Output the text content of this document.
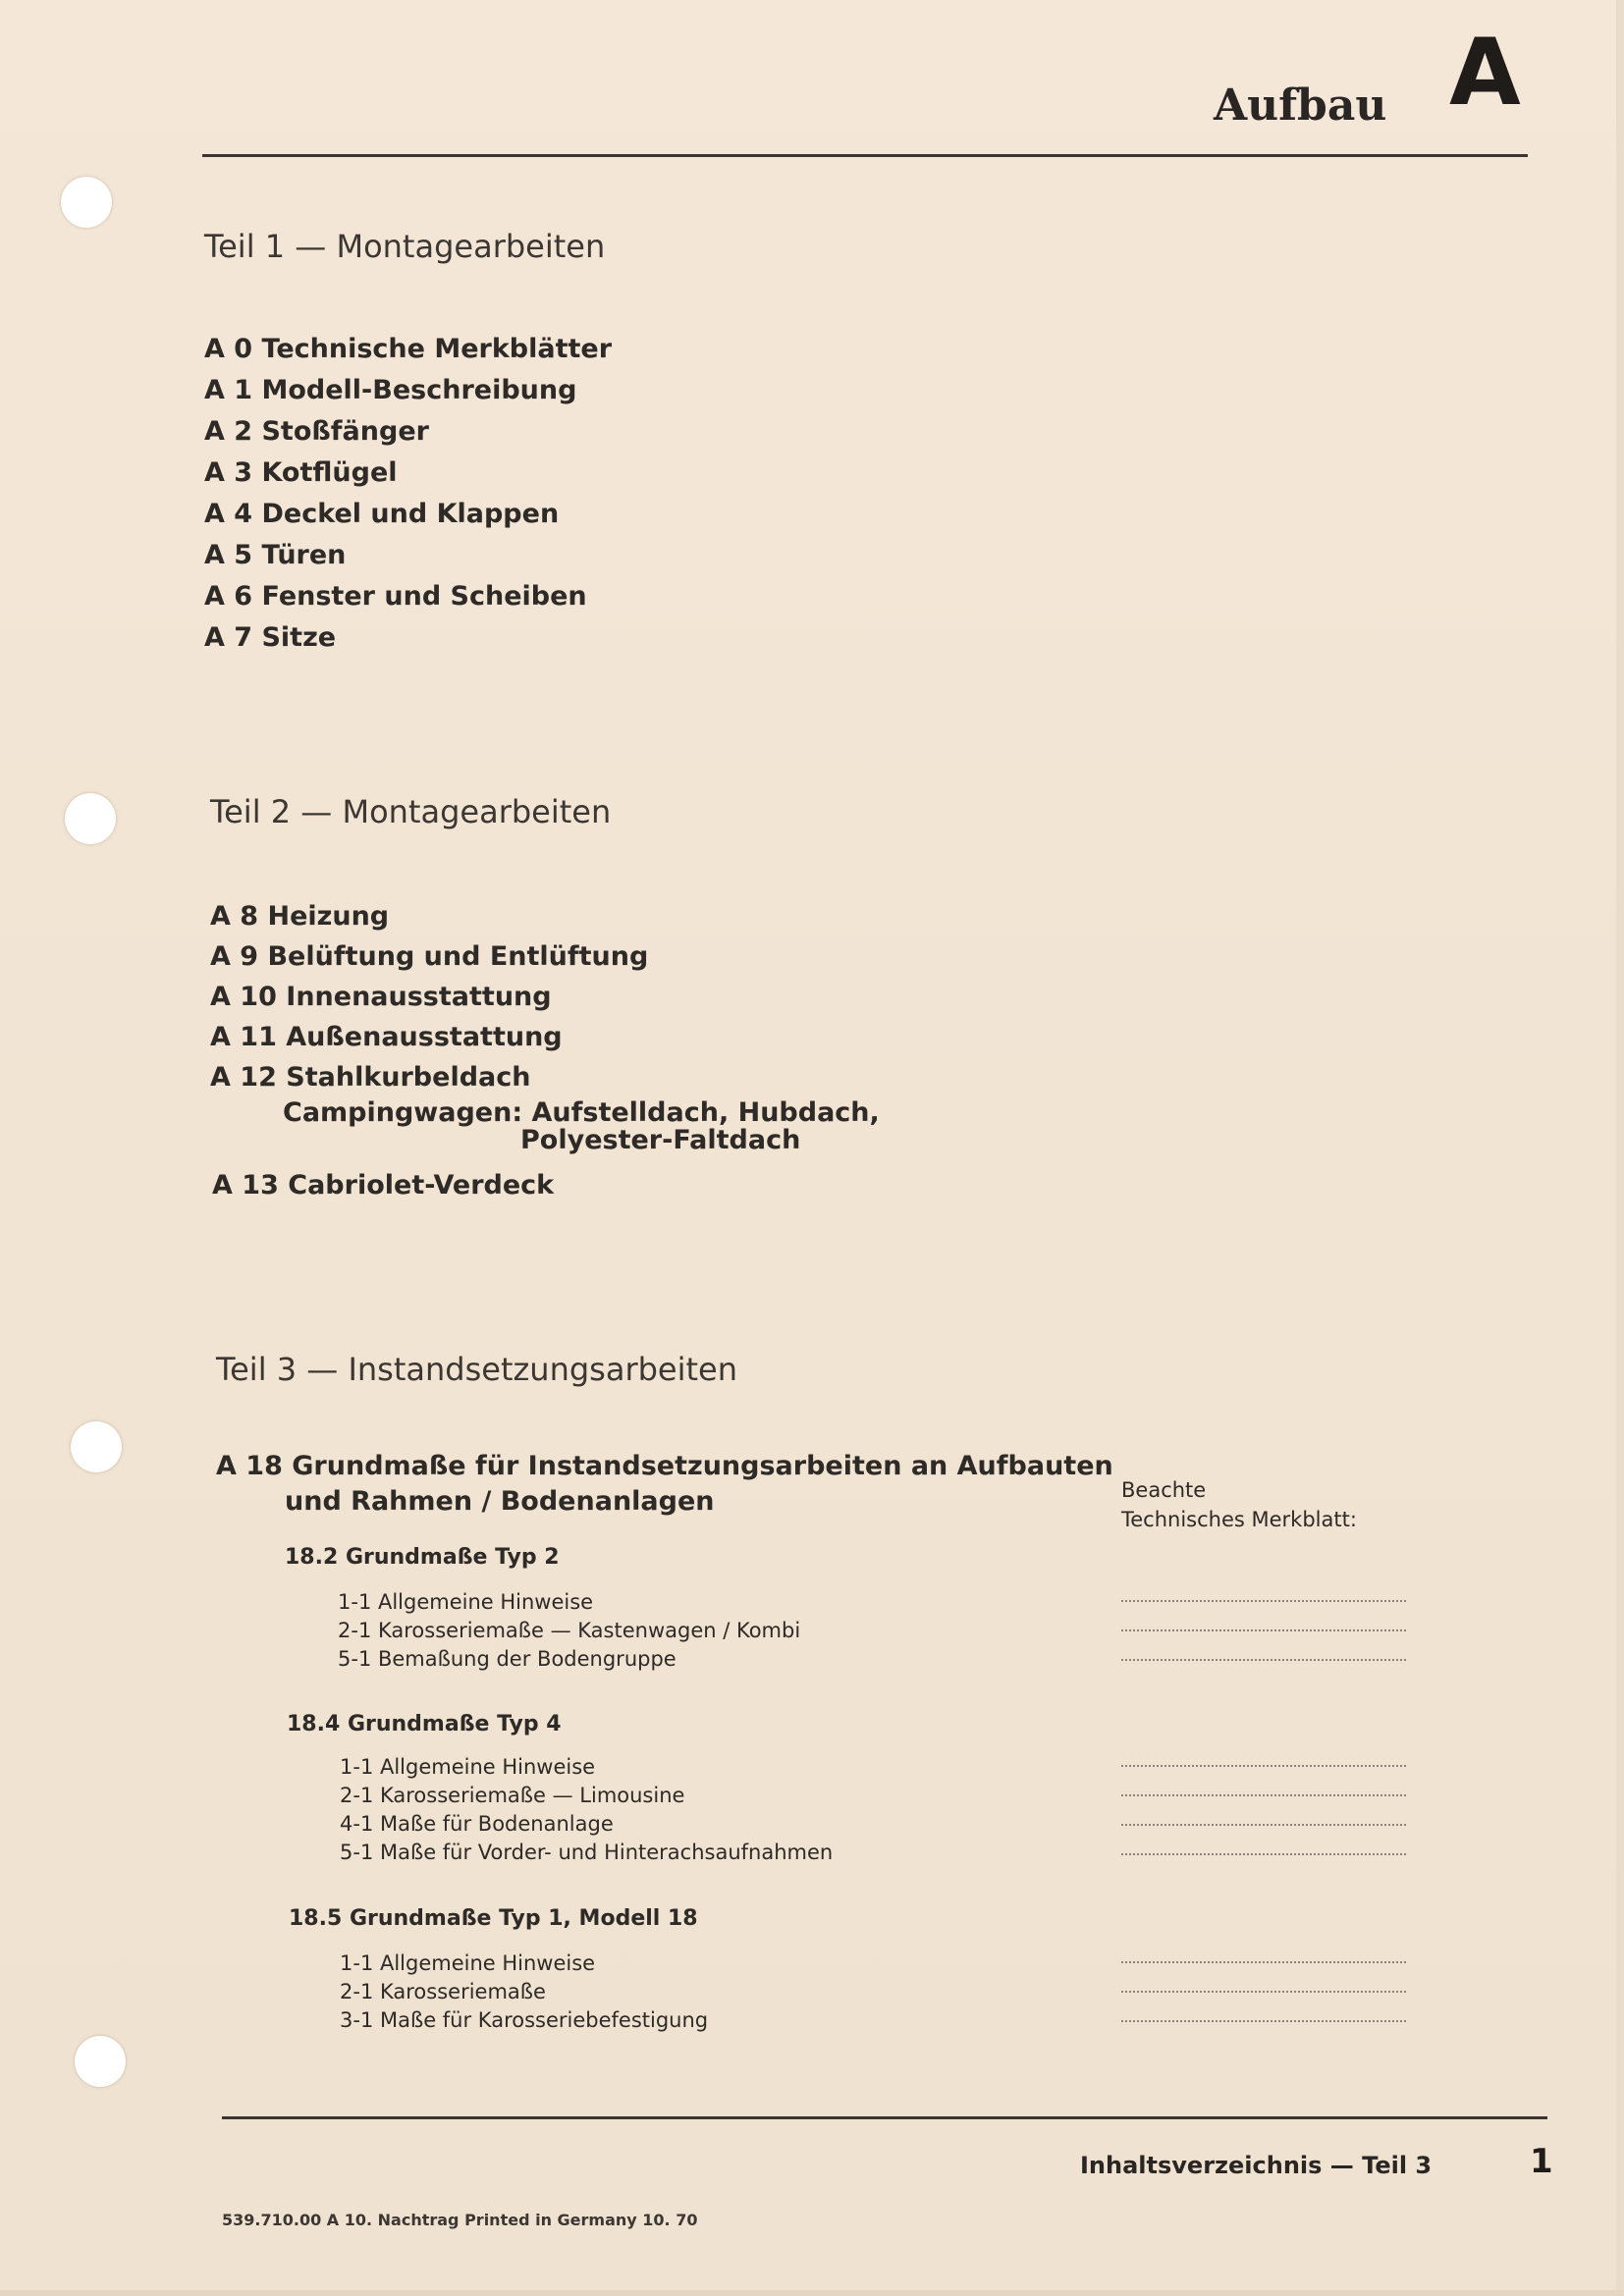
Aufbau A
Teil 1 — Montagearbeiten
A 0 Technische Merkblätter
A 1 Modell-Beschreibung
A 2 Stoßfänger
A 3 Kotflügel
A 4 Deckel und Klappen
A 5 Türen
A 6 Fenster und Scheiben
A 7 Sitze
Teil 2 — Montagearbeiten
A 8 Heizung
A 9 Belüftung und Entlüftung
A 10 Innenausstattung
A 11 Außenausstattung
A 12 Stahlkurbeldach
Campingwagen: Aufstelldach, Hubdach,
Polyester-Faltdach
A 13 Cabriolet-Verdeck
Teil 3 — Instandsetzungsarbeiten
A 18 Grundmaße für Instandsetzungsarbeiten an Aufbauten
und Rahmen / Bodenanlagen	Beachte
Technisches Merkblatt:
18.2 Grundmaße Typ 2
1-1 Allgemeine Hinweise
2-1 Karosseriemaße — Kastenwagen / Kombi
5-1 Bemaßung der Bodengruppe
18.4 Grundmaße Typ 4
1-1 Allgemeine Hinweise
2-1 Karosseriemaße — Limousine
4-1 Maße für Bodenanlage
5-1 Maße für Vorder- und Hinterachsaufnahmen
18.5 Grundmaße Typ 1, Modell 18
1-1 Allgemeine Hinweise
2-1 Karosseriemaße
3-1 Maße für Karosseriebefestigung
Inhaltsverzeichnis — Teil 3	1
539.710.00 A 10. Nachtrag Printed in Germany 10. 70
